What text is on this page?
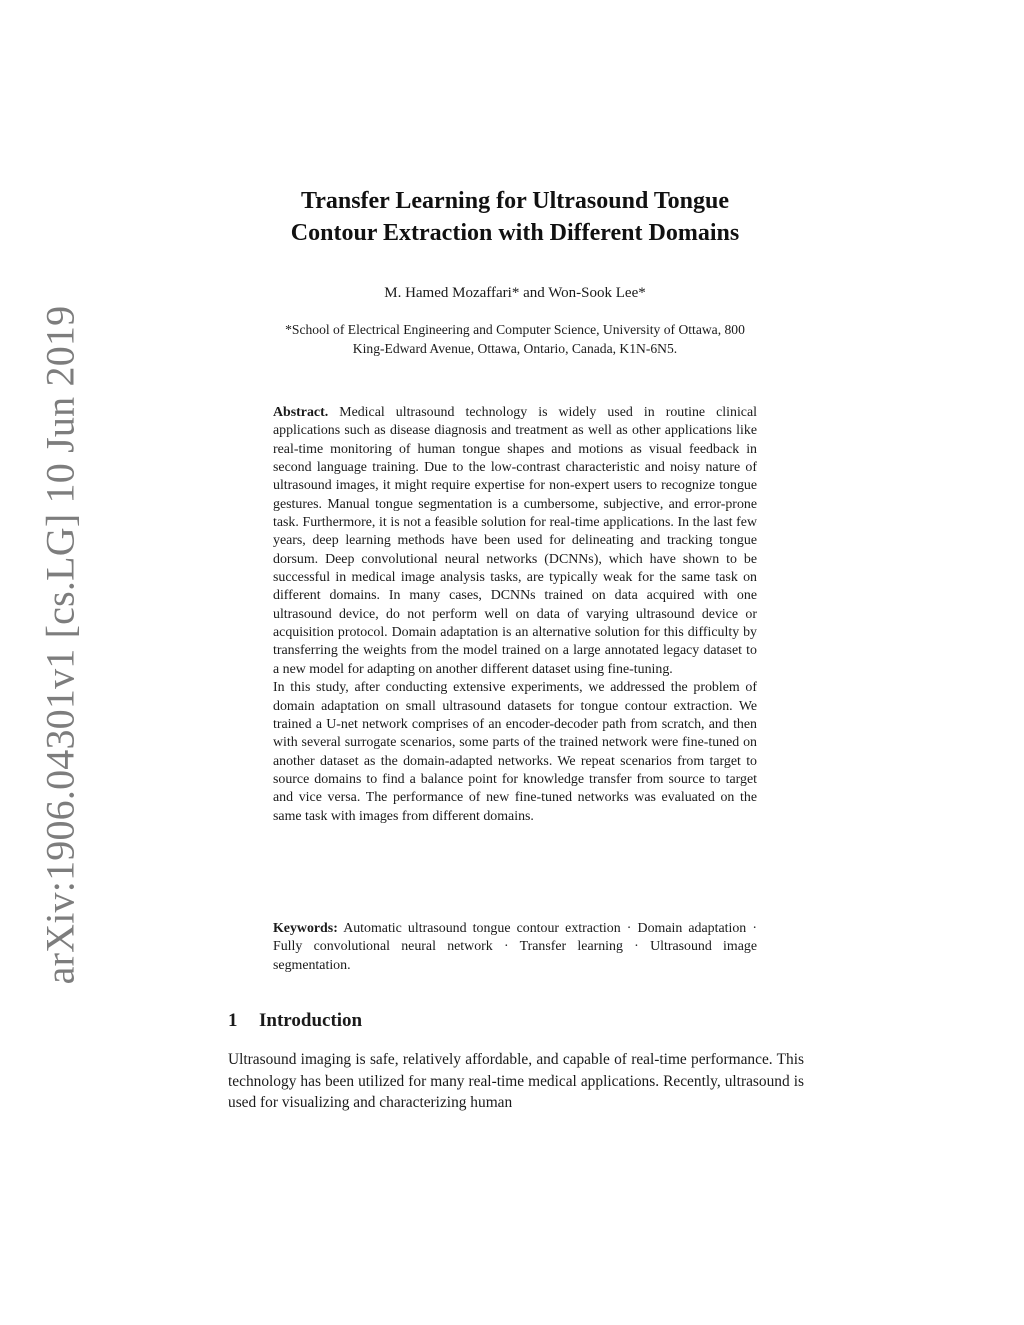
arXiv:1906.04301v1 [cs.LG] 10 Jun 2019
Transfer Learning for Ultrasound Tongue
Contour Extraction with Different Domains
M. Hamed Mozaffari* and Won-Sook Lee*
*School of Electrical Engineering and Computer Science, University of Ottawa, 800
King-Edward Avenue, Ottawa, Ontario, Canada, K1N-6N5.

Abstract. Medical ultrasound technology is widely used in routine clinical applications such as disease diagnosis and treatment as well as other applications like real-time monitoring of human tongue shapes and motions as visual feedback in second language training. Due to the low-contrast characteristic and noisy nature of ultrasound images, it might require expertise for non-expert users to recognize tongue gestures. Manual tongue segmentation is a cumbersome, subjective, and error-prone task. Furthermore, it is not a feasible solution for real-time applications. In the last few years, deep learning methods have been used for delineating and tracking tongue dorsum. Deep convolutional neural networks (DCNNs), which have shown to be successful in medical image analysis tasks, are typically weak for the same task on different domains. In many cases, DCNNs trained on data acquired with one ultrasound device, do not perform well on data of varying ultrasound device or acquisition protocol. Domain adaptation is an alternative solution for this difficulty by transferring the weights from the model trained on a large annotated legacy dataset to a new model for adapting on another different dataset using fine-tuning.

In this study, after conducting extensive experiments, we addressed the problem of domain adaptation on small ultrasound datasets for tongue contour extraction. We trained a U-net network comprises of an encoder-decoder path from scratch, and then with several surrogate scenarios, some parts of the trained network were fine-tuned on another dataset as the domain-adapted networks. We repeat scenarios from target to source domains to find a balance point for knowledge transfer from source to target and vice versa. The performance of new fine-tuned networks was evaluated on the same task with images from different domains.

Keywords: Automatic ultrasound tongue contour extraction · Domain adaptation · Fully convolutional neural network · Transfer learning · Ultrasound image segmentation.
1 Introduction

Ultrasound imaging is safe, relatively affordable, and capable of real-time performance. This technology has been utilized for many real-time medical applications. Recently, ultrasound is used for visualizing and characterizing human
